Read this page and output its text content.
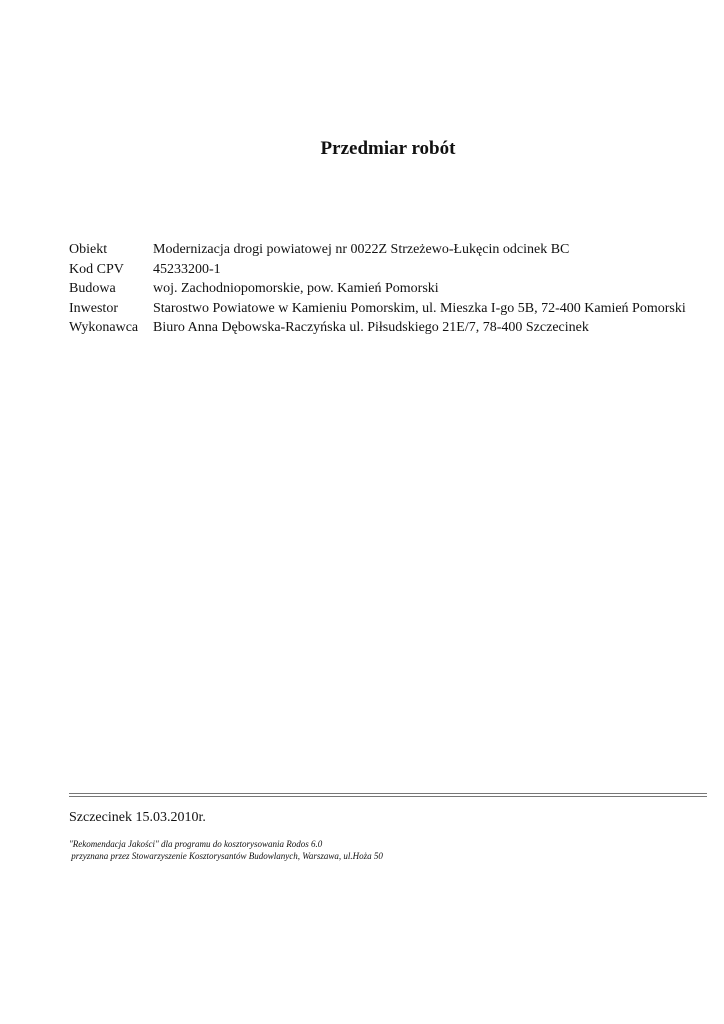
Przedmiar robót
Obiekt	Modernizacja drogi powiatowej nr 0022Z Strzeżewo-Łukęcin odcinek BC
Kod CPV	45233200-1
Budowa	woj. Zachodniopomorskie, pow. Kamień Pomorski
Inwestor	Starostwo Powiatowe w Kamieniu Pomorskim, ul. Mieszka I-go 5B, 72-400 Kamień Pomorski
Wykonawca	Biuro Anna Dębowska-Raczyńska ul. Piłsudskiego 21E/7, 78-400 Szczecinek
Szczecinek 15.03.2010r.
"Rekomendacja Jakości" dla programu do kosztorysowania Rodos 6.0
przyznana przez Stowarzyszenie Kosztorysantów Budowlanych, Warszawa, ul.Hoża 50
